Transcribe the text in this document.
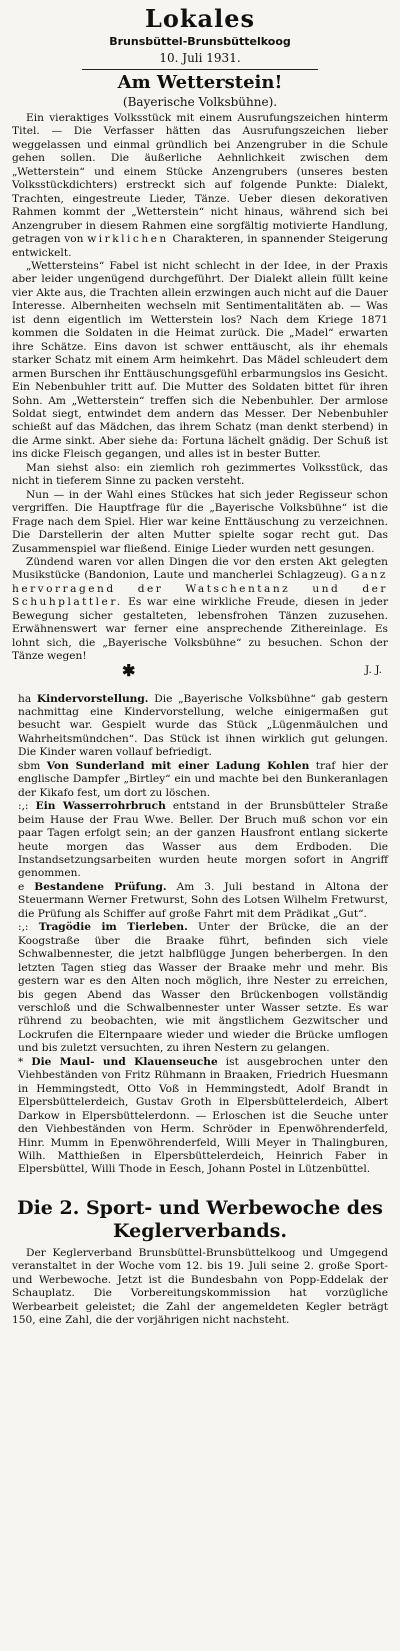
Lokales
Brunsbüttel-Brunsbüttelkoog
10. Juli 1931.
Am Wetterstein!
(Bayerische Volksbühne).

Ein vieraktiges Volksstück mit einem Ausrufungszeichen hinterm Titel. — Die Verfasser hätten das Ausrufungszeichen lieber weggelassen und einmal gründlich bei Anzengruber in die Schule gehen sollen. Die äußerliche Aehnlichkeit zwischen dem „Wetterstein“ und einem Stücke Anzengrubers (unseres besten Volksstückdichters) erstreckt sich auf folgende Punkte: Dialekt, Trachten, eingestreute Lieder, Tänze. Ueber diesen dekorativen Rahmen kommt der „Wetterstein“ nicht hinaus, während sich bei Anzengruber in diesem Rahmen eine sorgfältig motivierte Handlung, getragen von wirklichen Charakteren, in spannender Steigerung entwickelt.

„Wettersteins“ Fabel ist nicht schlecht in der Idee, in der Praxis aber leider ungenügend durchgeführt. Der Dialekt allein füllt keine vier Akte aus, die Trachten allein erzwingen auch nicht auf die Dauer Interesse. Albernheiten wechseln mit Sentimentalitäten ab. — Was ist denn eigentlich im Wetterstein los? Nach dem Kriege 1871 kommen die Soldaten in die Heimat zurück. Die „Madel“ erwarten ihre Schätze. Eins davon ist schwer enttäuscht, als ihr ehemals starker Schatz mit einem Arm heimkehrt. Das Mädel schleudert dem armen Burschen ihr Enttäuschungsgefühl erbarmungslos ins Gesicht. Ein Nebenbuhler tritt auf. Die Mutter des Soldaten bittet für ihren Sohn. Am „Wetterstein“ treffen sich die Nebenbuhler. Der armlose Soldat siegt, entwindet dem andern das Messer. Der Nebenbuhler schießt auf das Mädchen, das ihrem Schatz (man denkt sterbend) in die Arme sinkt. Aber siehe da: Fortuna lächelt gnädig. Der Schuß ist ins dicke Fleisch gegangen, und alles ist in bester Butter.

Man siehst also: ein ziemlich roh gezimmertes Volksstück, das nicht in tieferem Sinne zu packen versteht.

Nun — in der Wahl eines Stückes hat sich jeder Regisseur schon vergriffen. Die Hauptfrage für die „Bayerische Volksbühne“ ist die Frage nach dem Spiel. Hier war keine Enttäuschung zu verzeichnen. Die Darstellerin der alten Mutter spielte sogar recht gut. Das Zusammenspiel war fließend. Einige Lieder wurden nett gesungen.

Zündend waren vor allen Dingen die vor den ersten Akt gelegten Musikstücke (Bandonion, Laute und mancherlei Schlagzeug). Ganz hervorragend der Watschentanz und der Schuhplattler. Es war eine wirkliche Freude, diesen in jeder Bewegung sicher gestalteten, lebensfrohen Tänzen zuzusehen. Erwähnenswert war ferner eine ansprechende Zithereinlage. Es lohnt sich, die „Bayerische Volksbühne“ zu besuchen. Schon der Tänze wegen!

✱	J. J.

ha Kindervorstellung. Die „Bayerische Volksbühne“ gab gestern nachmittag eine Kindervorstellung, welche einigermaßen gut besucht war. Gespielt wurde das Stück „Lügenmäulchen und Wahrheitsmündchen“. Das Stück ist ihnen wirklich gut gelungen. Die Kinder waren vollauf befriedigt.

sbm Von Sunderland mit einer Ladung Kohlen traf hier der englische Dampfer „Birtley“ ein und machte bei den Bunkeranlagen der Kikafo fest, um dort zu löschen.

:,: Ein Wasserrohrbruch entstand in der Brunsbütteler Straße beim Hause der Frau Wwe. Beller. Der Bruch muß schon vor ein paar Tagen erfolgt sein; an der ganzen Hausfront entlang sickerte heute morgen das Wasser aus dem Erdboden. Die Instandsetzungsarbeiten wurden heute morgen sofort in Angriff genommen.

e Bestandene Prüfung. Am 3. Juli bestand in Altona der Steuermann Werner Fretwurst, Sohn des Lotsen Wilhelm Fretwurst, die Prüfung als Schiffer auf große Fahrt mit dem Prädikat „Gut“.

:,: Tragödie im Tierleben. Unter der Brücke, die an der Koogstraße über die Braake führt, befinden sich viele Schwalbennester, die jetzt halbflügge Jungen beherbergen. In den letzten Tagen stieg das Wasser der Braake mehr und mehr. Bis gestern war es den Alten noch möglich, ihre Nester zu erreichen, bis gegen Abend das Wasser den Brückenbogen vollständig verschloß und die Schwalbennester unter Wasser setzte. Es war rührend zu beobachten, wie mit ängstlichem Gezwitscher und Lockrufen die Elternpaare wieder und wieder die Brücke umflogen und bis zuletzt versuchten, zu ihren Nestern zu gelangen.

* Die Maul- und Klauenseuche ist ausgebrochen unter den Viehbeständen von Fritz Rühmann in Braaken, Friedrich Huesmann in Hemmingstedt, Otto Voß in Hemmingstedt, Adolf Brandt in Elpersbüttelerdeich, Gustav Groth in Elpersbüttelerdeich, Albert Darkow in Elpersbüttelerdonn. — Erloschen ist die Seuche unter den Viehbeständen von Herm. Schröder in Epenwöhrenderfeld, Hinr. Mumm in Epenwöhrenderfeld, Willi Meyer in Thalingburen, Wilh. Matthießen in Elpersbüttelerdeich, Heinrich Faber in Elpersbüttel, Willi Thode in Eesch, Johann Postel in Lützenbüttel.

Die 2. Sport- und Werbewoche des Keglerverbands.

Der Keglerverband Brunsbüttel-Brunsbüttelkoog und Umgegend veranstaltet in der Woche vom 12. bis 19. Juli seine 2. große Sport- und Werbewoche. Jetzt ist die Bundesbahn von Popp-Eddelak der Schauplatz. Die Vorbereitungskommission hat vorzügliche Werbearbeit geleistet; die Zahl der angemeldeten Kegler beträgt 150, eine Zahl, die der vorjährigen nicht nachsteht.
